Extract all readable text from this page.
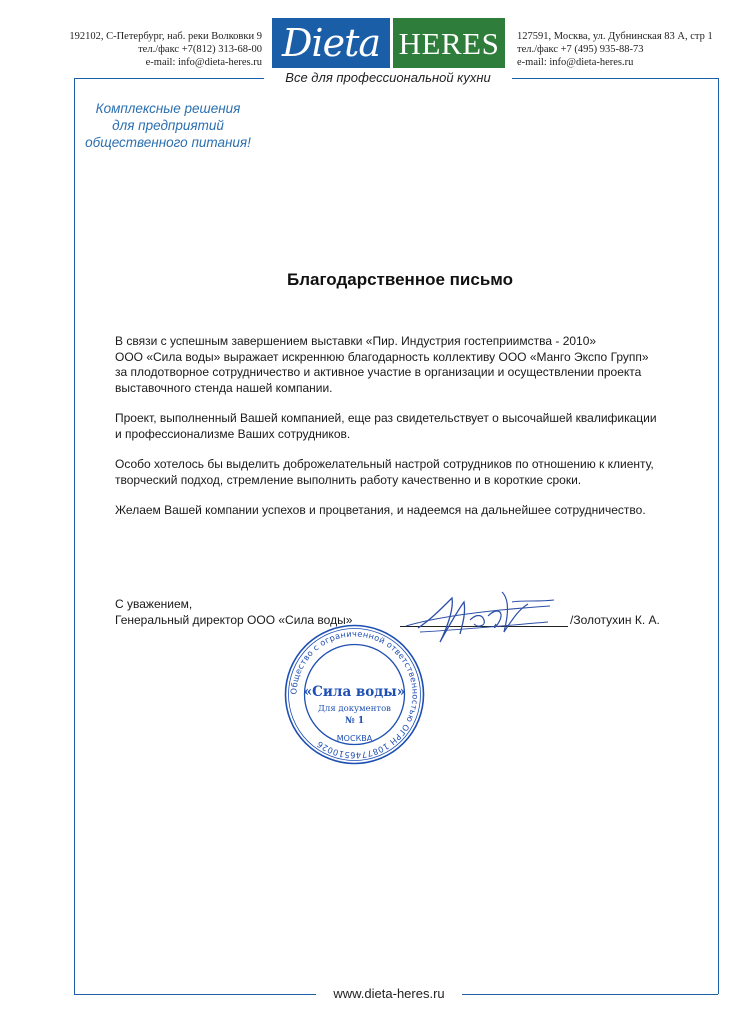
192102, С-Петербург, наб. реки Волковки 9
тел./факс +7(812) 313-68-00
e-mail: info@dieta-heres.ru Dieta HERES	127591, Москва, ул. Дубнинская 83 А, стр 1
тел./факс +7 (495) 935-88-73
e-mail: info@dieta-heres.ru
Все для профессиональной кухни
Комплексные решения
для предприятий
общественного питания!
Благодарственное письмо

В связи с успешным завершением выставки «Пир. Индустрия гостеприимства - 2010»
ООО «Сила воды» выражает искреннюю благодарность коллективу ООО «Манго Экспо Групп»
за плодотворное сотрудничество и активное участие в организации и осуществлении проекта
выставочного стенда нашей компании.

Проект, выполненный Вашей компанией, еще раз свидетельствует о высочайшей квалификации
и профессионализме Ваших сотрудников.

Особо хотелось бы выделить доброжелательный настрой сотрудников по отношению к клиенту,
творческий подход, стремление выполнить работу качественно и в короткие сроки.

Желаем Вашей компании успехов и процветания, и надеемся на дальнейшее сотрудничество.

С уважением,
Генеральный директор ООО «Сила воды»	/Золотухин К. А.
Общество с ограниченной ответственностью ОГРН 1087746510026
«Сила воды»
Для документов
№ 1
МОСКВА
www.dieta-heres.ru
